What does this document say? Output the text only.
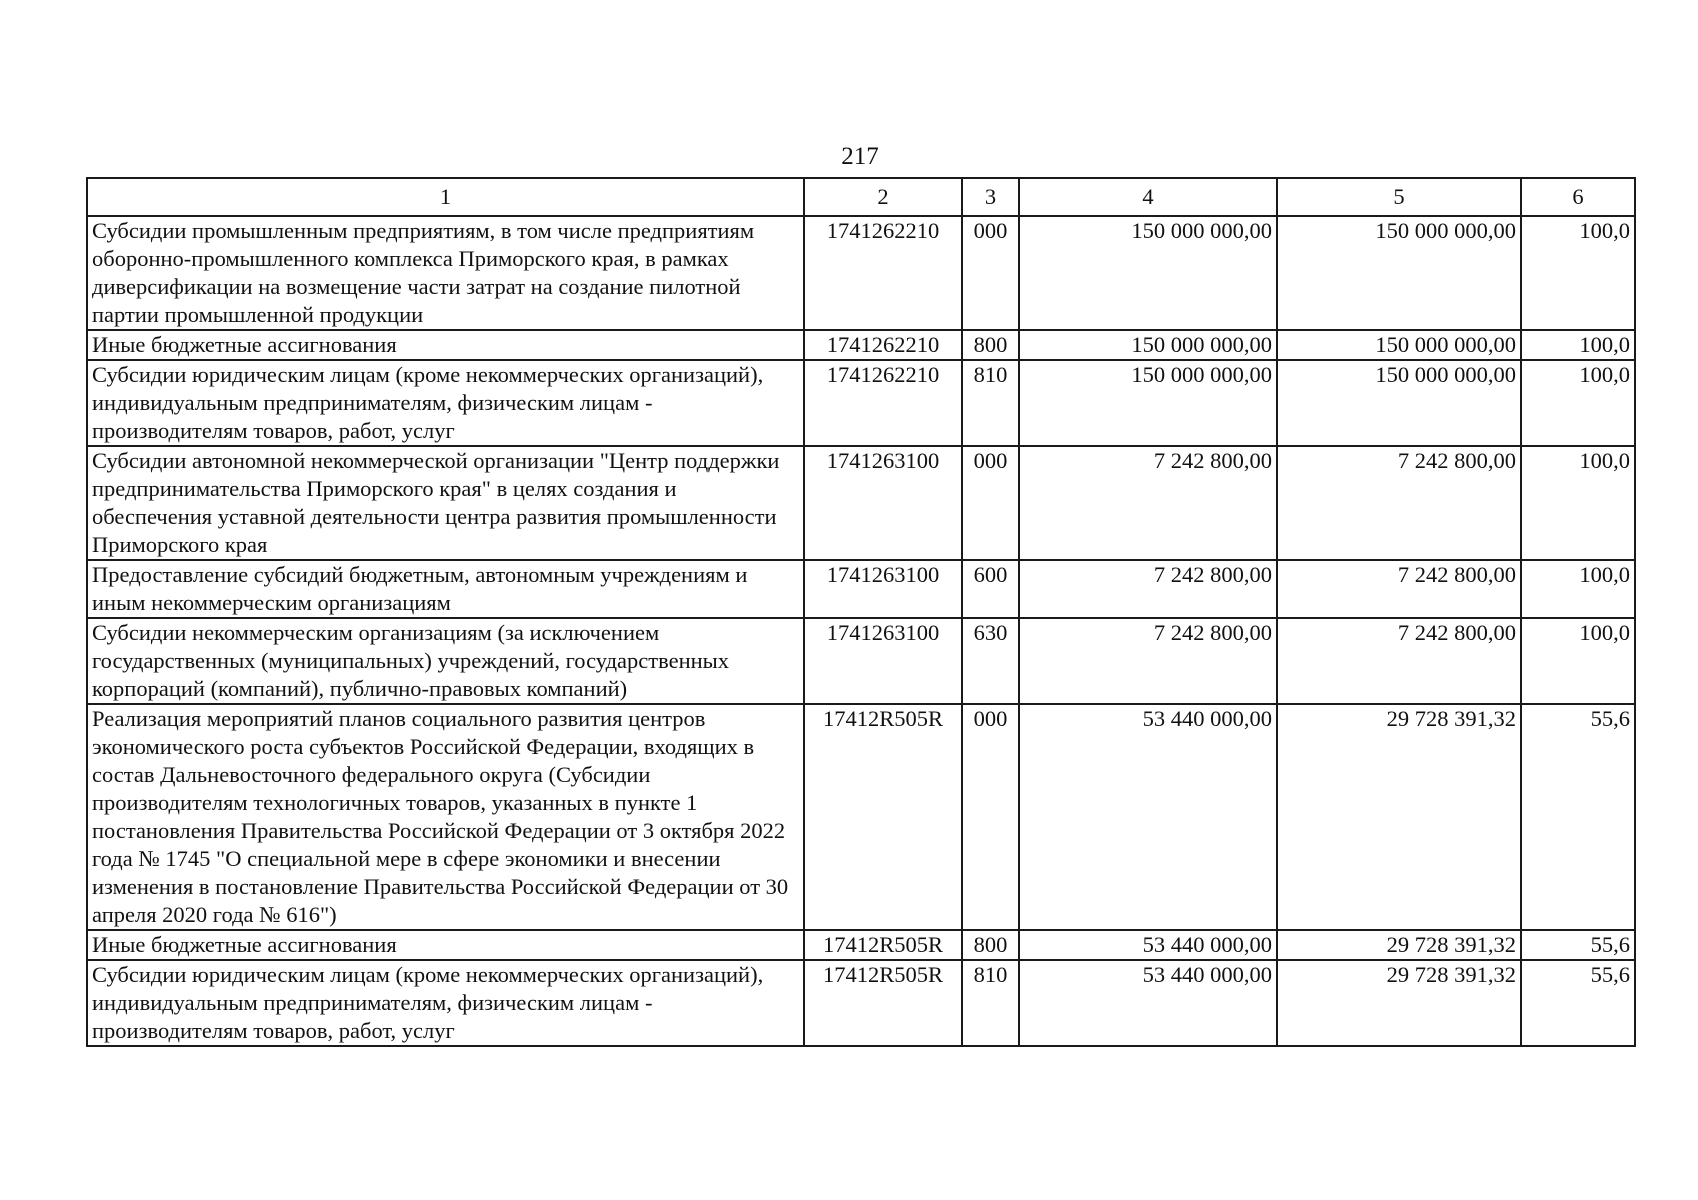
217
1	2	3	4	5	6
Субсидии промышленным предприятиям, в том числе предприятиям оборонно-промышленного комплекса Приморского края, в рамках диверсификации на возмещение части затрат на создание пилотной партии промышленной продукции	1741262210	000	150 000 000,00	150 000 000,00	100,0
Иные бюджетные ассигнования	1741262210	800	150 000 000,00	150 000 000,00	100,0
Субсидии юридическим лицам (кроме некоммерческих организаций), индивидуальным предпринимателям, физическим лицам - производителям товаров, работ, услуг	1741262210	810	150 000 000,00	150 000 000,00	100,0
Субсидии автономной некоммерческой организации "Центр поддержки предпринимательства Приморского края" в целях создания и обеспечения уставной деятельности центра развития промышленности Приморского края	1741263100	000	7 242 800,00	7 242 800,00	100,0
Предоставление субсидий бюджетным, автономным учреждениям и иным некоммерческим организациям	1741263100	600	7 242 800,00	7 242 800,00	100,0
Субсидии некоммерческим организациям (за исключением государственных (муниципальных) учреждений, государственных корпораций (компаний), публично-правовых компаний)	1741263100	630	7 242 800,00	7 242 800,00	100,0
Реализация мероприятий планов социального развития центров экономического роста субъектов Российской Федерации, входящих в состав Дальневосточного федерального округа (Субсидии производителям технологичных товаров, указанных в пункте 1 постановления Правительства Российской Федерации от 3 октября 2022 года № 1745 "О специальной мере в сфере экономики и внесении изменения в постановление Правительства Российской Федерации от 30 апреля 2020 года № 616")	17412R505R	000	53 440 000,00	29 728 391,32	55,6
Иные бюджетные ассигнования	17412R505R	800	53 440 000,00	29 728 391,32	55,6
Субсидии юридическим лицам (кроме некоммерческих организаций), индивидуальным предпринимателям, физическим лицам - производителям товаров, работ, услуг	17412R505R	810	53 440 000,00	29 728 391,32	55,6
